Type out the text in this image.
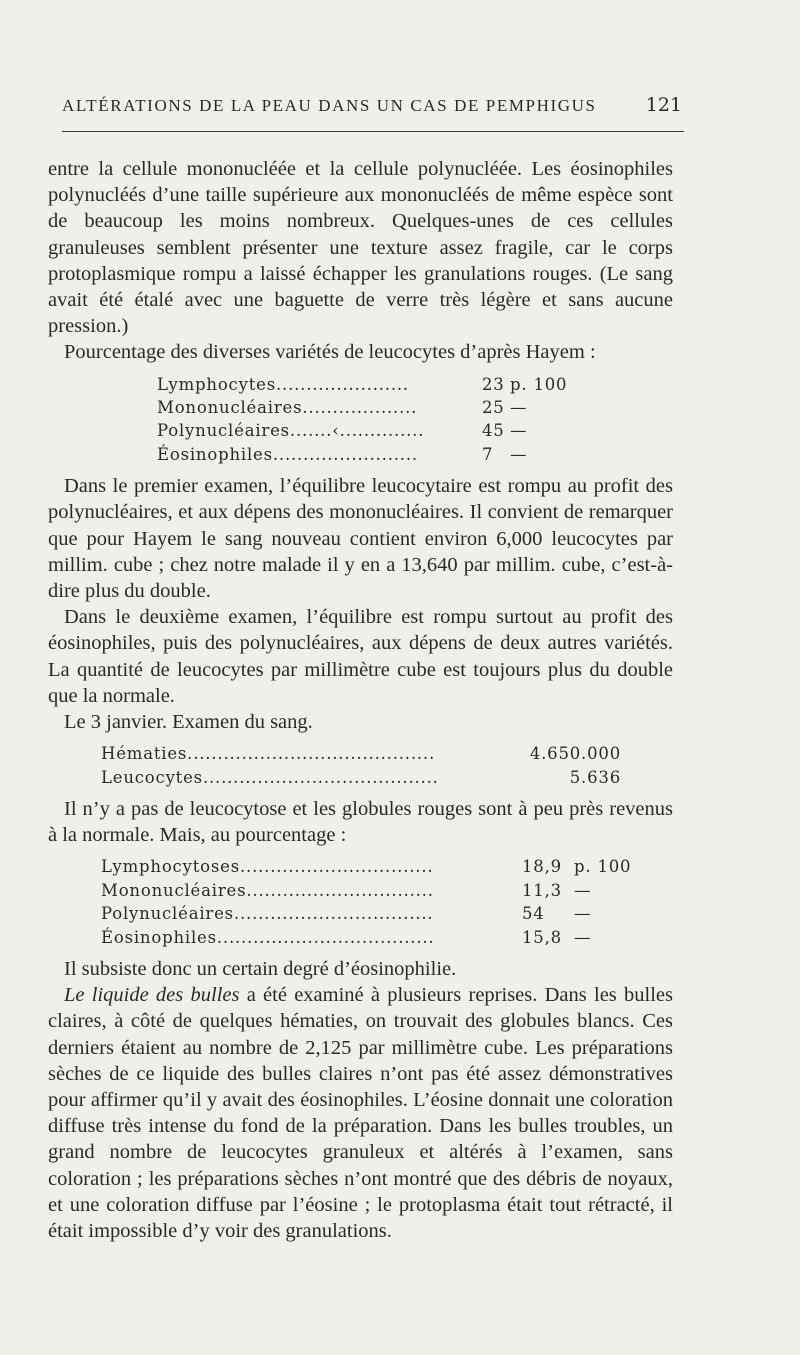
ALTÉRATIONS DE LA PEAU DANS UN CAS DE PEMPHIGUS	121

entre la cellule mononucléée et la cellule polynucléée. Les éosinophiles polynucléés d’une taille supérieure aux mononucléés de même espèce sont de beaucoup les moins nombreux. Quelques-unes de ces cellules granuleuses semblent présenter une texture assez fragile, car le corps protoplasmique rompu a laissé échapper les granulations rouges. (Le sang avait été étalé avec une baguette de verre très légère et sans aucune pression.)

Pourcentage des diverses variétés de leucocytes d’après Hayem :

Lymphocytes......................	23 p. 100
Mononucléaires...................	25 —
Polynucléaires.......‹..............	45 —
Éosinophiles........................	7 —

Dans le premier examen, l’équilibre leucocytaire est rompu au profit des polynucléaires, et aux dépens des mononucléaires. Il convient de remarquer que pour Hayem le sang nouveau contient environ 6,000 leucocytes par millim. cube ; chez notre malade il y en a 13,640 par millim. cube, c’est-à-dire plus du double.

Dans le deuxième examen, l’équilibre est rompu surtout au profit des éosinophiles, puis des polynucléaires, aux dépens de deux autres variétés. La quantité de leucocytes par millimètre cube est toujours plus du double que la normale.

Le 3 janvier. Examen du sang.

Hématies.........................................	4.650.000
Leucocytes.......................................	5.636

Il n’y a pas de leucocytose et les globules rouges sont à peu près revenus à la normale. Mais, au pourcentage :

Lymphocytoses................................	18,9 p. 100
Mononucléaires...............................	11,3 —
Polynucléaires.................................	54 —
Éosinophiles....................................	15,8 —

Il subsiste donc un certain degré d’éosinophilie.

Le liquide des bulles a été examiné à plusieurs reprises. Dans les bulles claires, à côté de quelques hématies, on trouvait des globules blancs. Ces derniers étaient au nombre de 2,125 par millimètre cube. Les préparations sèches de ce liquide des bulles claires n’ont pas été assez démonstratives pour affirmer qu’il y avait des éosinophiles. L’éosine donnait une coloration diffuse très intense du fond de la préparation. Dans les bulles troubles, un grand nombre de leucocytes granuleux et altérés à l’examen, sans coloration ; les préparations sèches n’ont montré que des débris de noyaux, et une coloration diffuse par l’éosine ; le protoplasma était tout rétracté, il était impossible d’y voir des granulations.
